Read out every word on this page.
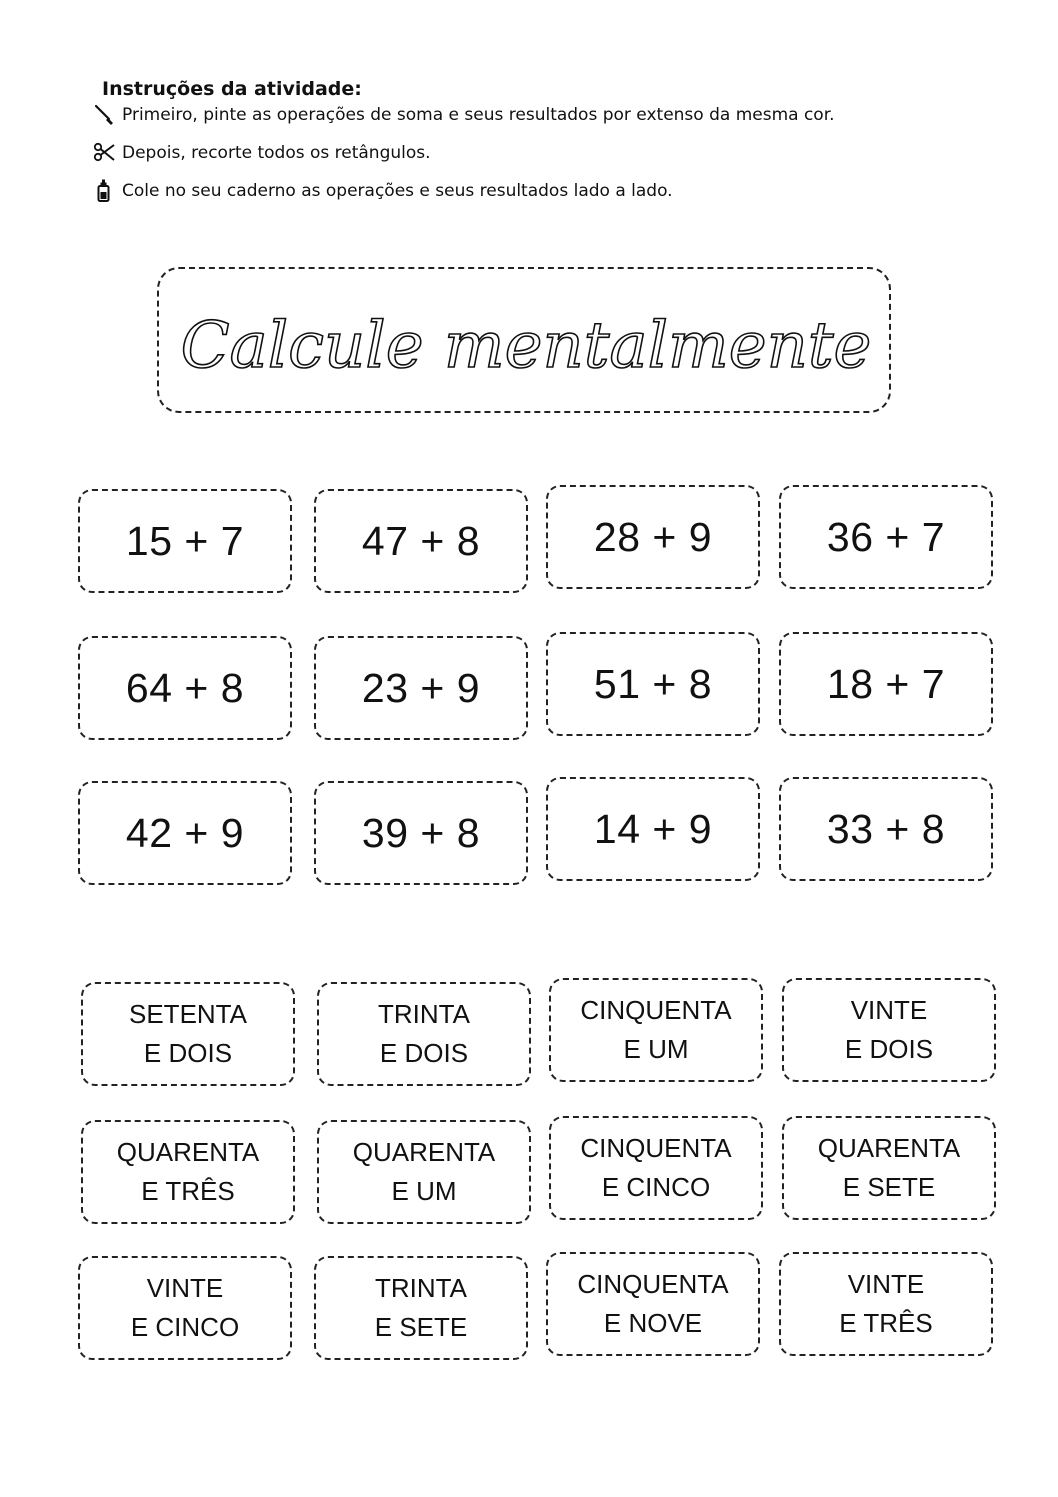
Instruções da atividade:
Primeiro, pinte as operações de soma e seus resultados por extenso da mesma cor.
Depois, recorte todos os retângulos.
Cole no seu caderno as operações e seus resultados lado a lado.
Calcule mentalmente
15 + 7	47 + 8	28 + 9	36 + 7
64 + 8	23 + 9	51 + 8	18 + 7
42 + 9	39 + 8	14 + 9	33 + 8
SETENTA
E DOIS
TRINTA
E DOIS
CINQUENTA
E UM
VINTE
E DOIS
QUARENTA
E TRÊS
QUARENTA
E UM
CINQUENTA
E CINCO
QUARENTA
E SETE
VINTE
E CINCO
TRINTA
E SETE
CINQUENTA
E NOVE
VINTE
E TRÊS
